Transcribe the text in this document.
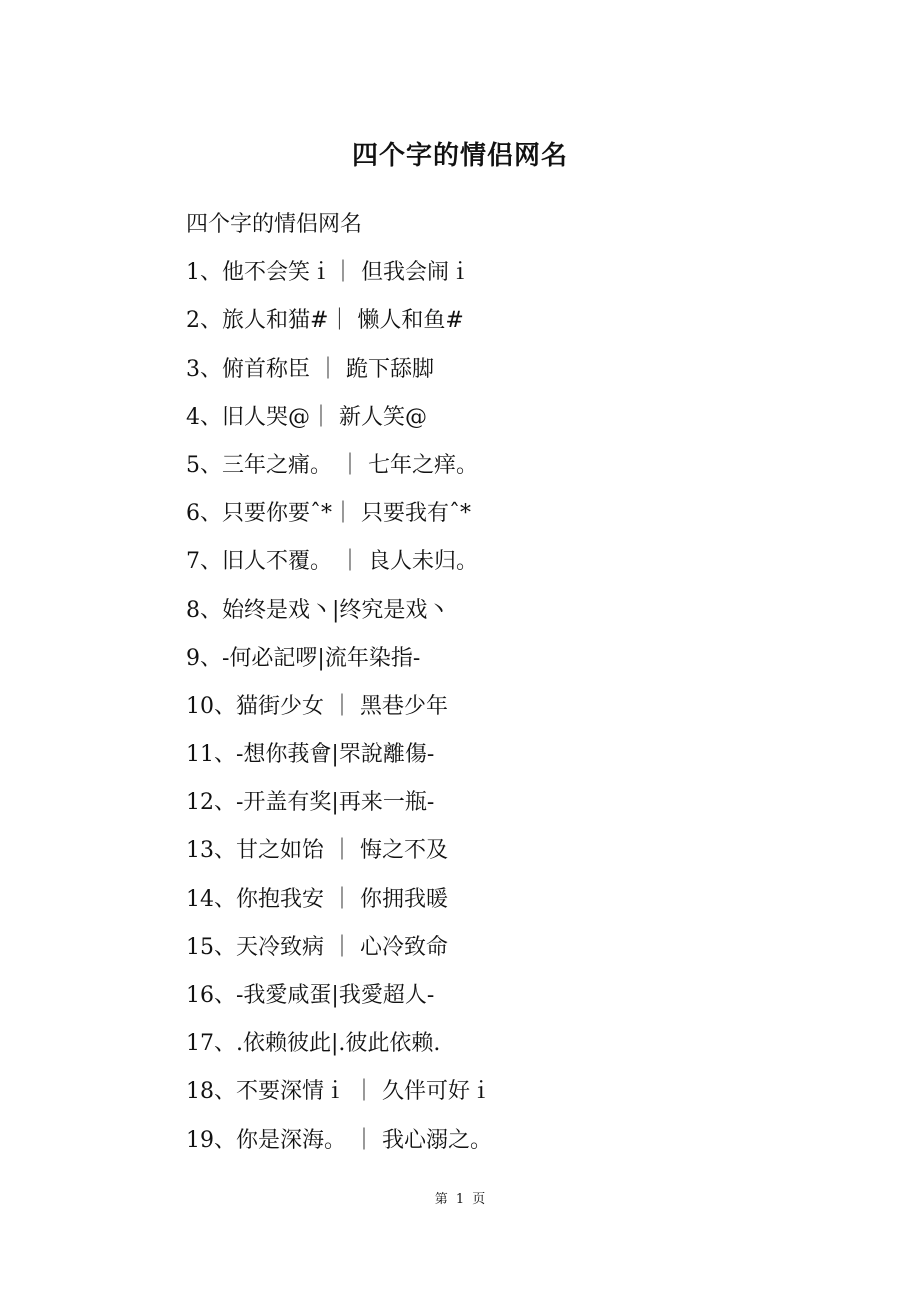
四个字的情侣网名
四个字的情侣网名
1、他不会笑ｉ｜ 但我会闹ｉ
2、旅人和猫#｜ 懒人和鱼#
3、俯首称臣 ｜ 跪下舔脚
4、旧人哭@｜ 新人笑@
5、三年之痛。 ｜ 七年之痒。
6、只要你要ˆ*｜ 只要我有ˆ*
7、旧人不覆。 ｜ 良人未归。
8、始终是戏丶|终究是戏丶
9、-何必記啰|流年染指-
10、猫街少女 ｜ 黑巷少年
11、-想你莪會|罘說離傷-
12、-开盖有奖|再来一瓶-
13、甘之如饴 ｜ 悔之不及
14、你抱我安 ｜ 你拥我暖
15、天冷致病 ｜ 心冷致命
16、-我愛咸蛋|我愛超人-
17、.依赖彼此|.彼此依赖.
18、不要深情ｉ ｜ 久伴可好ｉ
19、你是深海。 ｜ 我心溺之。
第 1 页
